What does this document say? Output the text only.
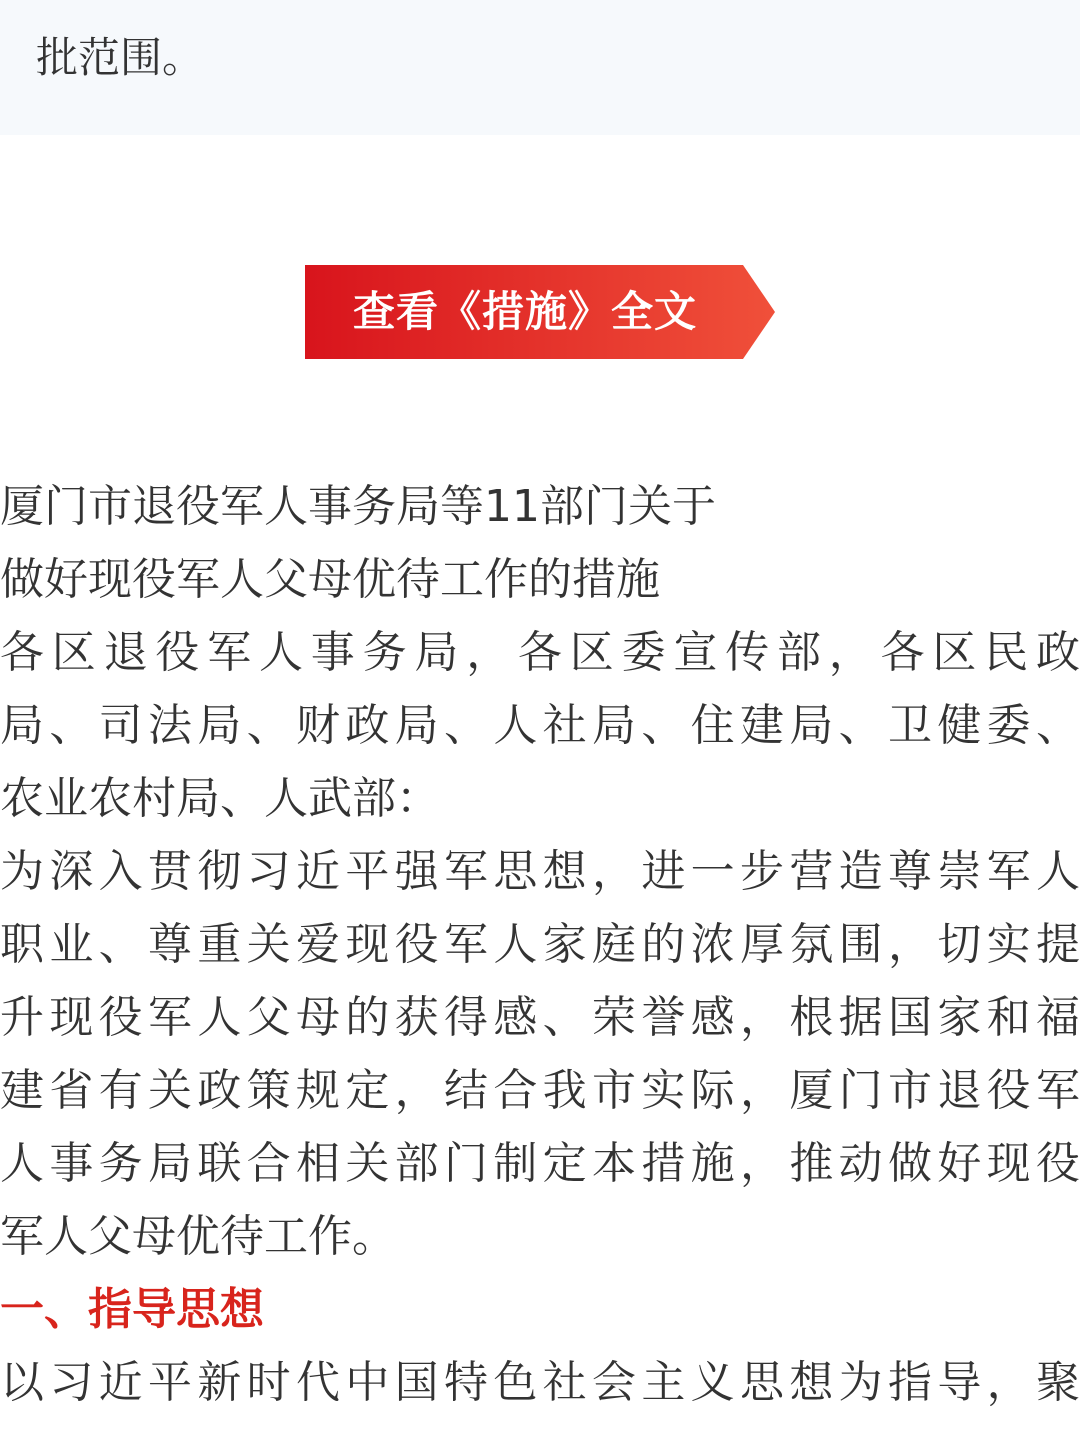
批范围。
查看《措施》全文
厦门市退役军人事务局等11部门关于
做好现役军人父母优待工作的措施
各区退役军人事务局，各区委宣传部，各区民政
局、司法局、财政局、人社局、住建局、卫健委、
农业农村局、人武部：
为深入贯彻习近平强军思想，进一步营造尊崇军人
职业、尊重关爱现役军人家庭的浓厚氛围，切实提
升现役军人父母的获得感、荣誉感，根据国家和福
建省有关政策规定，结合我市实际，厦门市退役军
人事务局联合相关部门制定本措施，推动做好现役
军人父母优待工作。
一、指导思想
以习近平新时代中国特色社会主义思想为指导，聚
